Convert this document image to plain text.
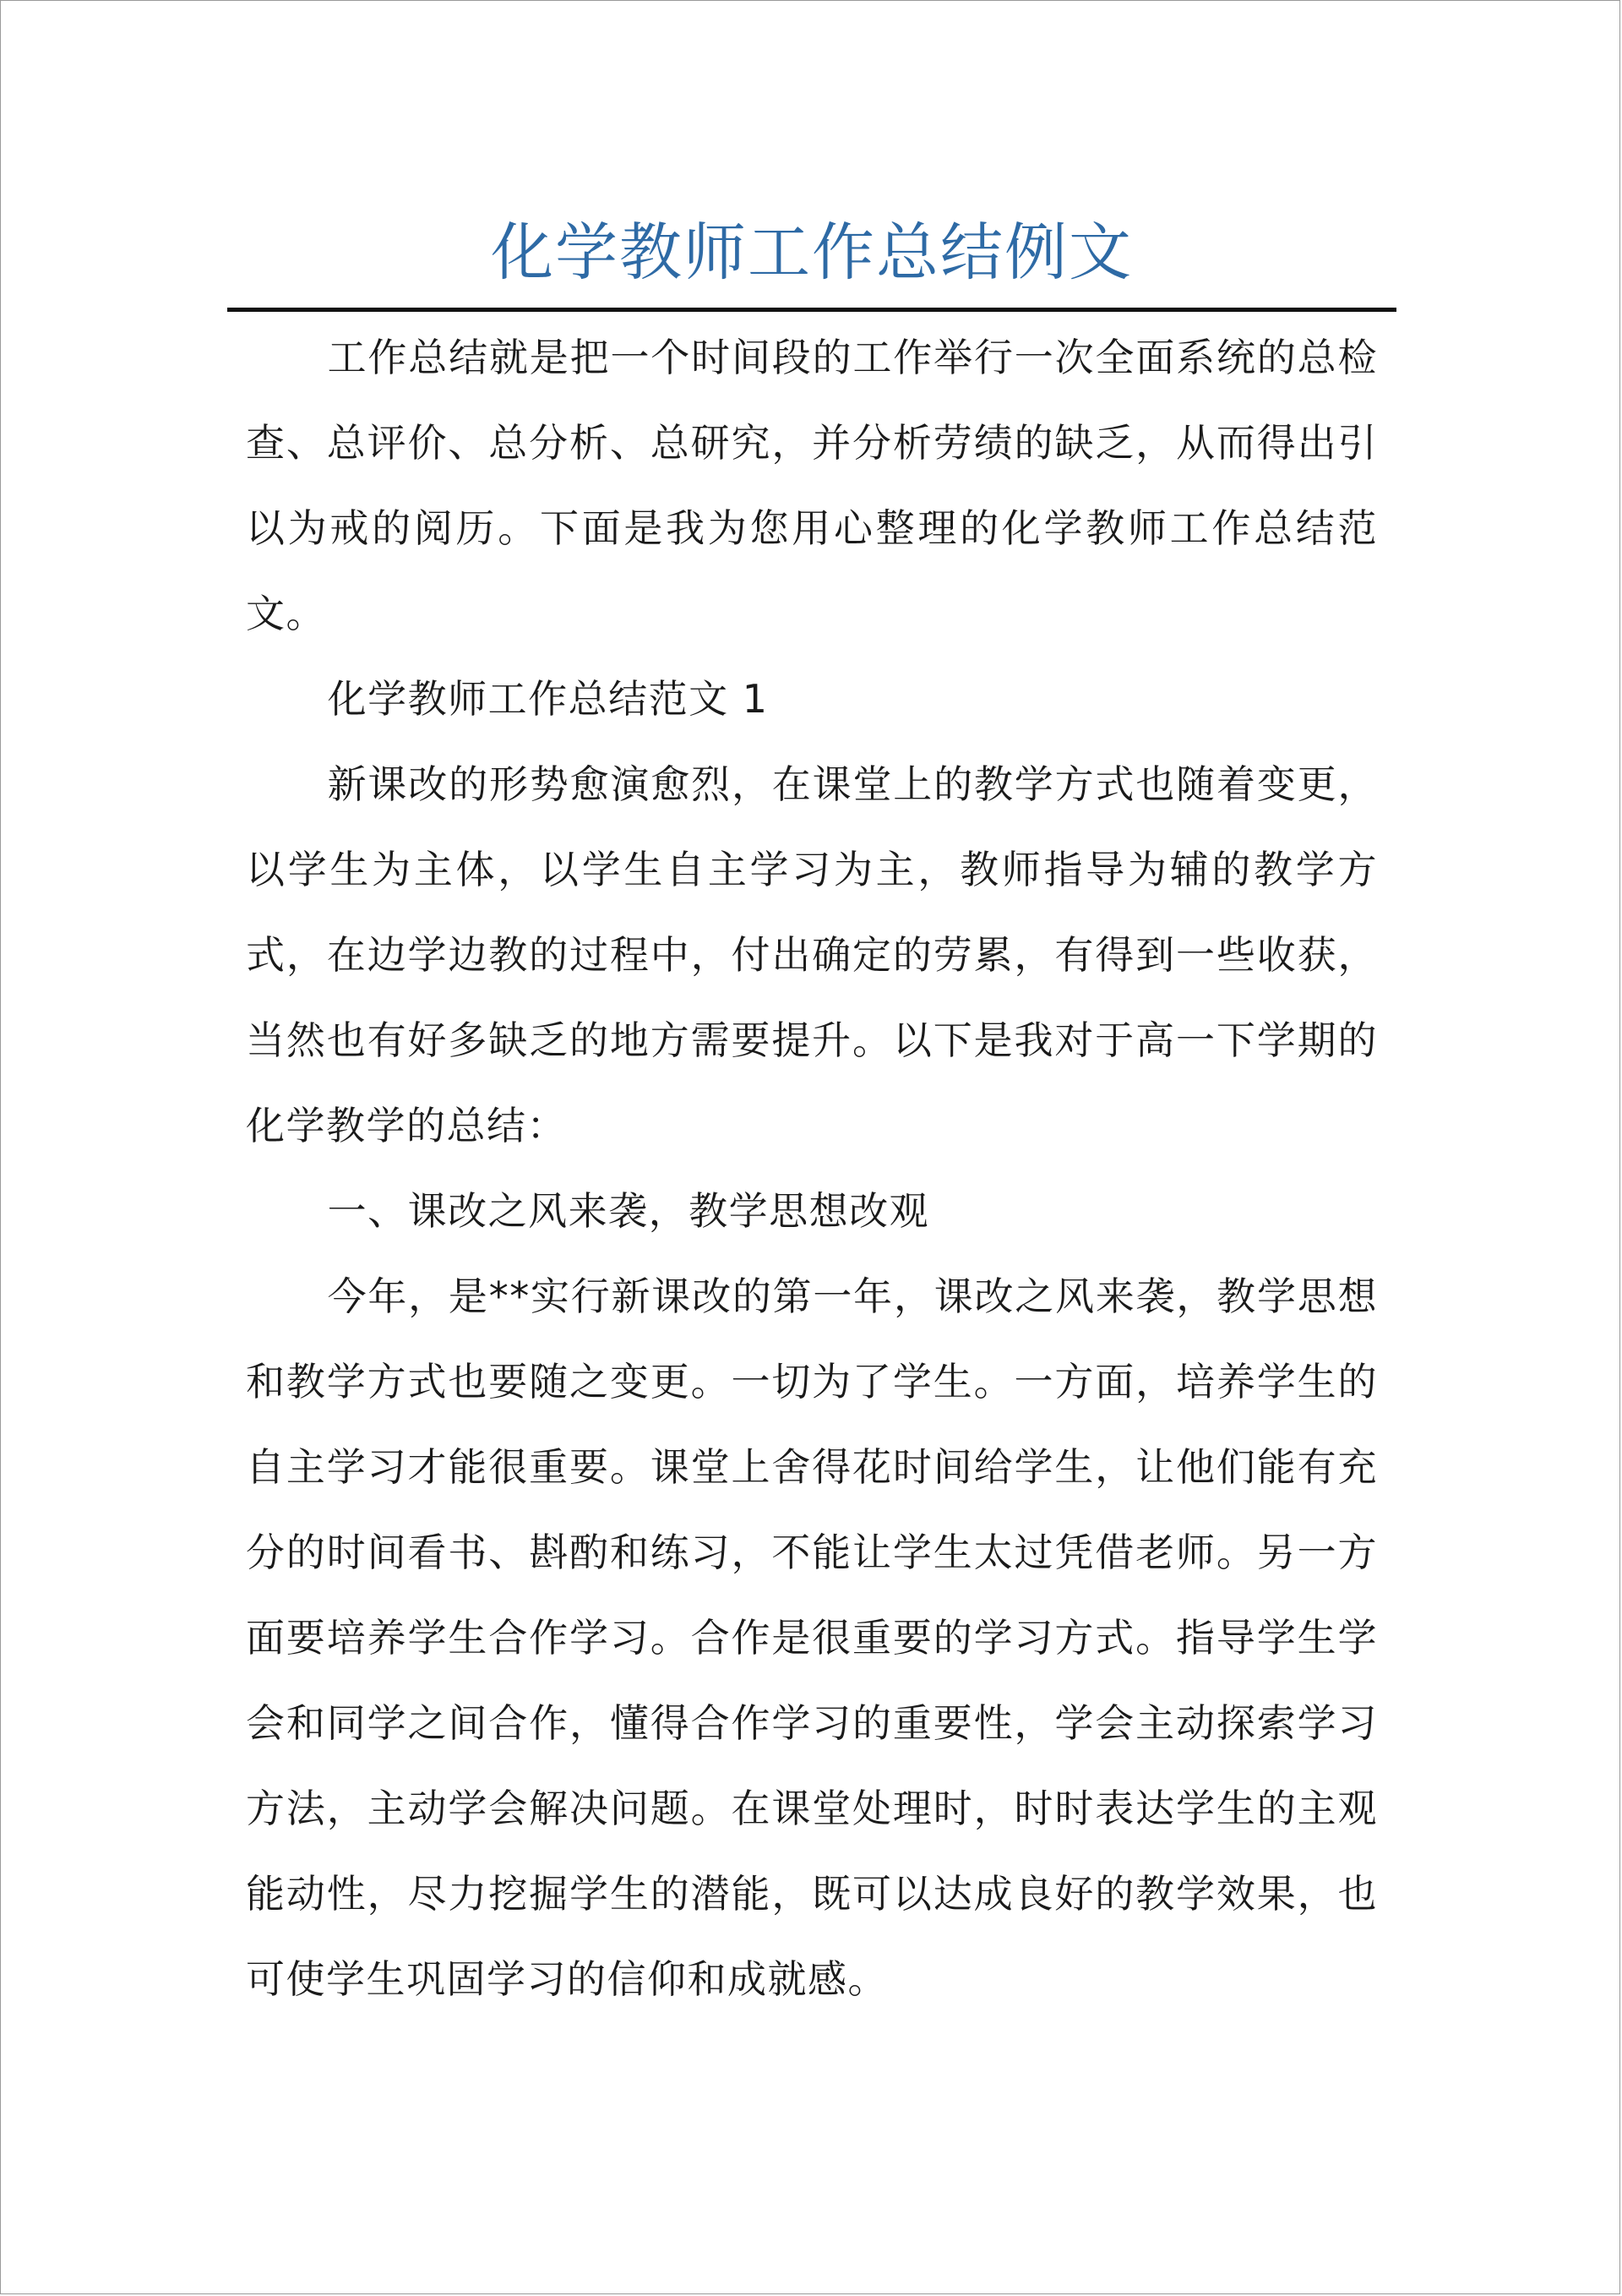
化学教师工作总结例文

工作总结就是把一个时间段的工作举行一次全面系统的总检查、总评价、总分析、总研究，并分析劳绩的缺乏，从而得出引以为戒的阅历。下面是我为您用心整理的化学教师工作总结范文。

化学教师工作总结范文 1

新课改的形势愈演愈烈，在课堂上的教学方式也随着变更，以学生为主体，以学生自主学习为主，教师指导为辅的教学方式，在边学边教的过程中，付出确定的劳累，有得到一些收获，当然也有好多缺乏的地方需要提升。以下是我对于高一下学期的化学教学的总结：

一、课改之风来袭，教学思想改观

今年，是**实行新课改的第一年，课改之风来袭，教学思想和教学方式也要随之变更。一切为了学生。一方面，培养学生的自主学习才能很重要。课堂上舍得花时间给学生，让他们能有充分的时间看书、斟酌和练习，不能让学生太过凭借老师。另一方面要培养学生合作学习。合作是很重要的学习方式。指导学生学会和同学之间合作，懂得合作学习的重要性，学会主动探索学习方法，主动学会解决问题。在课堂处理时，时时表达学生的主观能动性，尽力挖掘学生的潜能，既可以达成良好的教学效果，也可使学生巩固学习的信仰和成就感。
